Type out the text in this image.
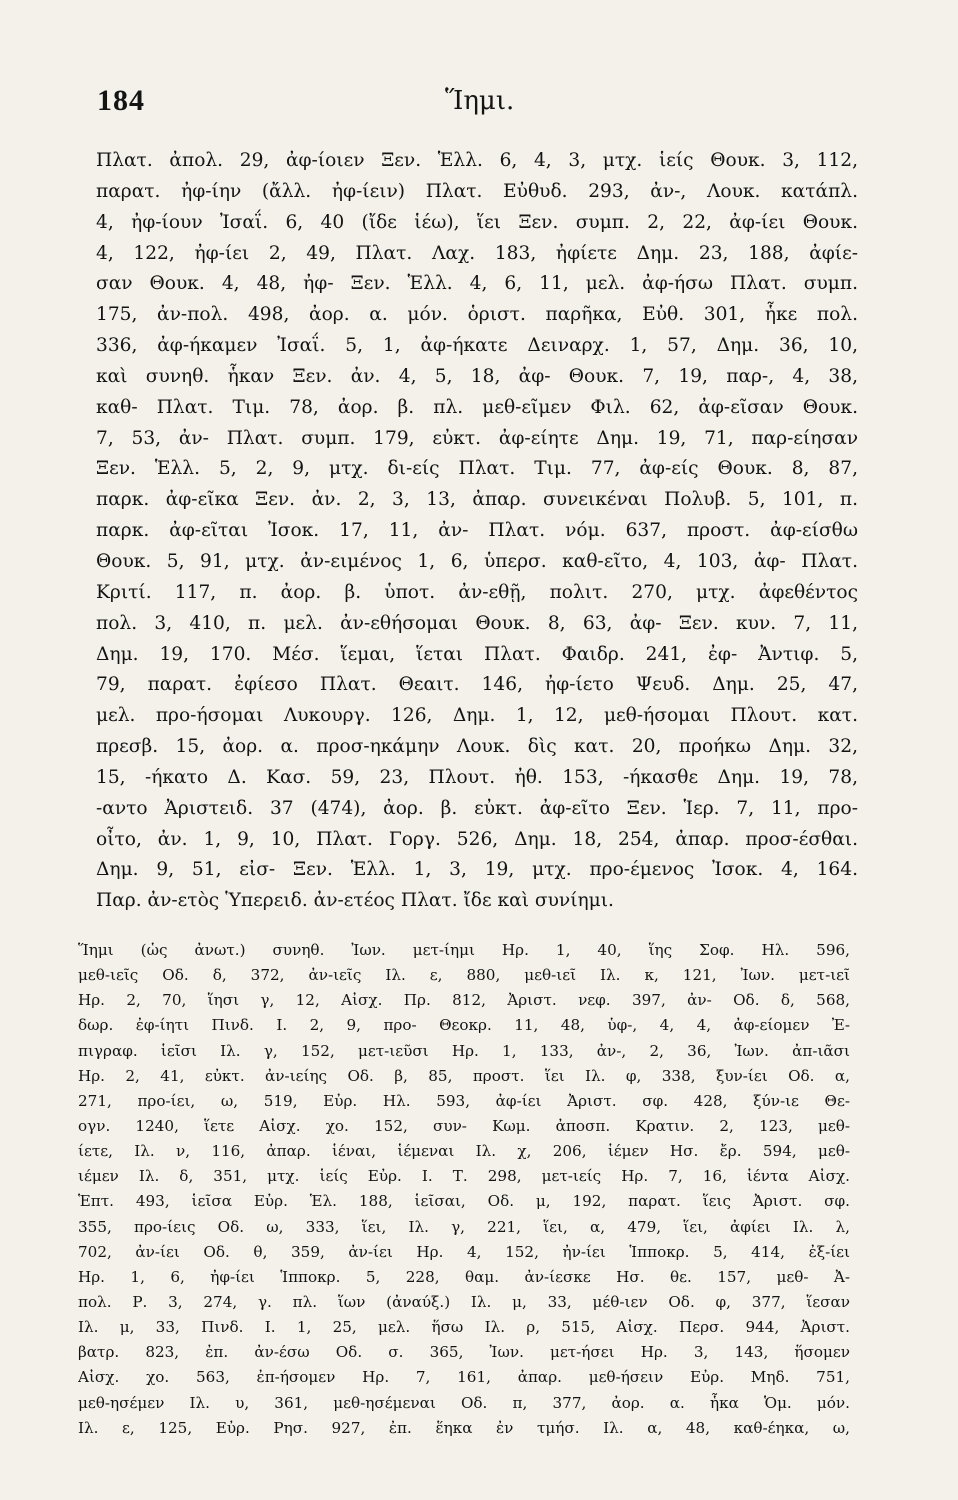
184	Ἵημι.
Πλατ. ἀπολ. 29, ἀφ-ίοιεν Ξεν. Ἑλλ. 6, 4, 3, μτχ. ἱείς Θουκ. 3, 112,
παρατ. ἠφ-ίην (ἄλλ. ἠφ-ίειν) Πλατ. Εὐθυδ. 293, ἀν-, Λουκ. κατάπλ.
4, ἠφ-ίουν Ἰσαΐ. 6, 40 (ἴδε ἱέω), ἵει Ξεν. συμπ. 2, 22, ἀφ-ίει Θουκ.
4, 122, ἠφ-ίει 2, 49, Πλατ. Λαχ. 183, ἠφίετε Δημ. 23, 188, ἀφίε-
σαν Θουκ. 4, 48, ἠφ- Ξεν. Ἑλλ. 4, 6, 11, μελ. ἀφ-ήσω Πλατ. συμπ.
175, ἀν-πολ. 498, ἀορ. α. μόν. ὁριστ. παρῆκα, Εὐθ. 301, ἧκε πολ.
336, ἀφ-ήκαμεν Ἰσαΐ. 5, 1, ἀφ-ήκατε Δειναρχ. 1, 57, Δημ. 36, 10,
καὶ συνηθ. ἧκαν Ξεν. ἀν. 4, 5, 18, ἀφ- Θουκ. 7, 19, παρ-, 4, 38,
καθ- Πλατ. Τιμ. 78, ἀορ. β. πλ. μεθ-εῖμεν Φιλ. 62, ἀφ-εῖσαν Θουκ.
7, 53, ἀν- Πλατ. συμπ. 179, εὐκτ. ἀφ-είητε Δημ. 19, 71, παρ-είησαν
Ξεν. Ἑλλ. 5, 2, 9, μτχ. δι-είς Πλατ. Τιμ. 77, ἀφ-είς Θουκ. 8, 87,
παρκ. ἀφ-εῖκα Ξεν. ἀν. 2, 3, 13, ἀπαρ. συνεικέναι Πολυβ. 5, 101, π.
παρκ. ἀφ-εῖται Ἰσοκ. 17, 11, ἀν- Πλατ. νόμ. 637, προστ. ἀφ-είσθω
Θουκ. 5, 91, μτχ. ἀν-ειμένος 1, 6, ὑπερσ. καθ-εῖτο, 4, 103, ἀφ- Πλατ.
Κριτί. 117, π. ἀορ. β. ὑποτ. ἀν-εθῇ, πολιτ. 270, μτχ. ἀφεθέντος
πολ. 3, 410, π. μελ. ἀν-εθήσομαι Θουκ. 8, 63, ἀφ- Ξεν. κυν. 7, 11,
Δημ. 19, 170. Μέσ. ἵεμαι, ἵεται Πλατ. Φαιδρ. 241, ἐφ- Ἀντιφ. 5,
79, παρατ. ἐφίεσο Πλατ. Θεαιτ. 146, ἠφ-ίετο Ψευδ. Δημ. 25, 47,
μελ. προ-ήσομαι Λυκουργ. 126, Δημ. 1, 12, μεθ-ήσομαι Πλουτ. κατ.
πρεσβ. 15, ἀορ. α. προσ-ηκάμην Λουκ. δὶς κατ. 20, προήκω Δημ. 32,
15, -ήκατο Δ. Κασ. 59, 23, Πλουτ. ἠθ. 153, -ήκασθε Δημ. 19, 78,
-αντο Ἀριστειδ. 37 (474), ἀορ. β. εὐκτ. ἀφ-εῖτο Ξεν. Ἱερ. 7, 11, προ-
οἶτο, ἀν. 1, 9, 10, Πλατ. Γοργ. 526, Δημ. 18, 254, ἀπαρ. προσ-έσθαι.
Δημ. 9, 51, εἰσ- Ξεν. Ἑλλ. 1, 3, 19, μτχ. προ-έμενος Ἰσοκ. 4, 164.
Παρ. ἀν-ετὸς Ὑπερειδ. ἀν-ετέος Πλατ. ἴδε καὶ συνίημι.
Ἵημι (ὡς ἀνωτ.) συνηθ. Ἰων. μετ-ίημι Ηρ. 1, 40, ἵης Σοφ. Ηλ. 596,
μεθ-ιεῖς Οδ. δ, 372, ἀν-ιεῖς Ιλ. ε, 880, μεθ-ιεῖ Ιλ. κ, 121, Ἰων. μετ-ιεῖ
Ηρ. 2, 70, ἵησι γ, 12, Αἰσχ. Πρ. 812, Ἀριστ. νεφ. 397, ἀν- Οδ. δ, 568,
δωρ. ἐφ-ίητι Πινδ. Ι. 2, 9, προ- Θεοκρ. 11, 48, ὑφ-, 4, 4, ἀφ-είομεν Ἐ-
πιγραφ. ἱεῖσι Ιλ. γ, 152, μετ-ιεῦσι Ηρ. 1, 133, ἀν-, 2, 36, Ἰων. ἀπ-ιᾶσι
Ηρ. 2, 41, εὐκτ. ἀν-ιείης Οδ. β, 85, προστ. ἵει Ιλ. φ, 338, ξυν-ίει Οδ. α,
271, προ-ίει, ω, 519, Εὐρ. Ηλ. 593, ἀφ-ίει Ἀριστ. σφ. 428, ξύν-ιε Θε-
ογν. 1240, ἵετε Αἰσχ. χο. 152, συν- Κωμ. ἀποσπ. Κρατιν. 2, 123, μεθ-
ίετε, Ιλ. ν, 116, ἀπαρ. ἱέναι, ἱέμεναι Ιλ. χ, 206, ἱέμεν Ησ. ἔρ. 594, μεθ-
ιέμεν Ιλ. δ, 351, μτχ. ἱείς Εὐρ. Ι. Τ. 298, μετ-ιείς Ηρ. 7, 16, ἱέντα Αἰσχ.
Ἑπτ. 493, ἱεῖσα Εὐρ. Ἑλ. 188, ἱεῖσαι, Οδ. μ, 192, παρατ. ἵεις Ἀριστ. σφ.
355, προ-ίεις Οδ. ω, 333, ἵει, Ιλ. γ, 221, ἵει, α, 479, ἵει, ἀφίει Ιλ. λ,
702, ἀν-ίει Οδ. θ, 359, ἀν-ίει Ηρ. 4, 152, ἠν-ίει Ἱπποκρ. 5, 414, ἐξ-ίει
Ηρ. 1, 6, ἠφ-ίει Ἱπποκρ. 5, 228, θαμ. ἀν-ίεσκε Ησ. θε. 157, μεθ- Ἀ-
πολ. Ρ. 3, 274, γ. πλ. ἵων (ἀναύξ.) Ιλ. μ, 33, μέθ-ιεν Οδ. φ, 377, ἵεσαν
Ιλ. μ, 33, Πινδ. Ι. 1, 25, μελ. ἥσω Ιλ. ρ, 515, Αἰσχ. Περσ. 944, Ἀριστ.
βατρ. 823, ἐπ. ἀν-έσω Οδ. σ. 365, Ἰων. μετ-ήσει Ηρ. 3, 143, ἥσομεν
Αἰσχ. χο. 563, ἐπ-ήσομεν Ηρ. 7, 161, ἀπαρ. μεθ-ήσειν Εὐρ. Μηδ. 751,
μεθ-ησέμεν Ιλ. υ, 361, μεθ-ησέμεναι Οδ. π, 377, ἀορ. α. ἧκα Ὁμ. μόν.
Ιλ. ε, 125, Εὐρ. Ρησ. 927, ἐπ. ἕηκα ἐν τμήσ. Ιλ. α, 48, καθ-έηκα, ω,
